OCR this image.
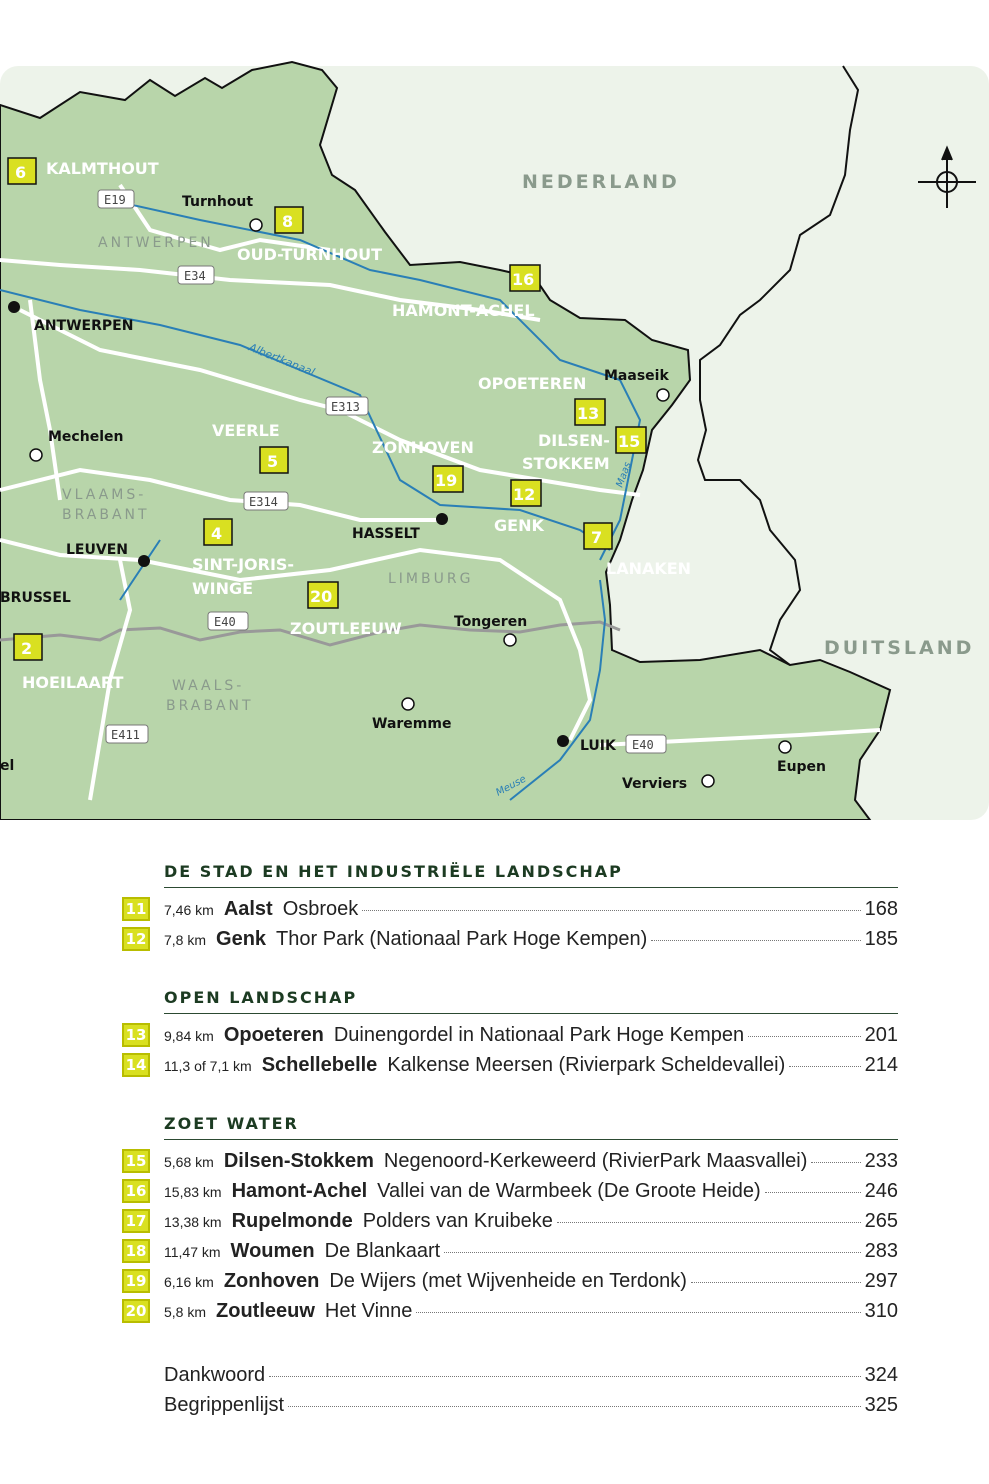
NEDERLAND
DUITSLAND
ANTWERPEN
VLAAMS-
BRABANT
LIMBURG
WAALS-
BRABANT
ANTWERPEN
Turnhout
Mechelen
LEUVEN
BRUSSEL
HASSELT
Tongeren
Waremme
LUIK
Verviers
Eupen
Maaseik
el
E19
E34
E313
E314
E40
E40
E411
Albertkanaal
Maas
Meuse
6 KALMTHOUT
8
OUD-TURNHOUT
16
HAMONT-ACHEL
13
OPOETEREN
15
DILSEN-
STOKKEM
5
VEERLE
19
ZONHOVEN
12
GENK
4
SINT-JORIS-
WINGE	20
ZOUTLEEUW
7
LANAKEN
2
HOEILAART
DE STAD EN HET INDUSTRIËLE LANDSCHAP
11 7,46 km Aalst Osbroek	168
12 7,8 km Genk Thor Park (Nationaal Park Hoge Kempen)	185
OPEN LANDSCHAP
13 9,84 km Opoeteren Duinengordel in Nationaal Park Hoge Kempen	201
14 11,3 of 7,1 km Schellebelle Kalkense Meersen (Rivierpark Scheldevallei)	214
ZOET WATER
15 5,68 km Dilsen-Stokkem Negenoord-Kerkeweerd (RivierPark Maasvallei)	233
16 15,83 km Hamont-Achel Vallei van de Warmbeek (De Groote Heide)	246
17 13,38 km Rupelmonde Polders van Kruibeke	265
18 11,47 km Woumen De Blankaart	283
19 6,16 km Zonhoven De Wijers (met Wijvenheide en Terdonk)	297
20 5,8 km Zoutleeuw Het Vinne	310
Dankwoord	324
Begrippenlijst	325
